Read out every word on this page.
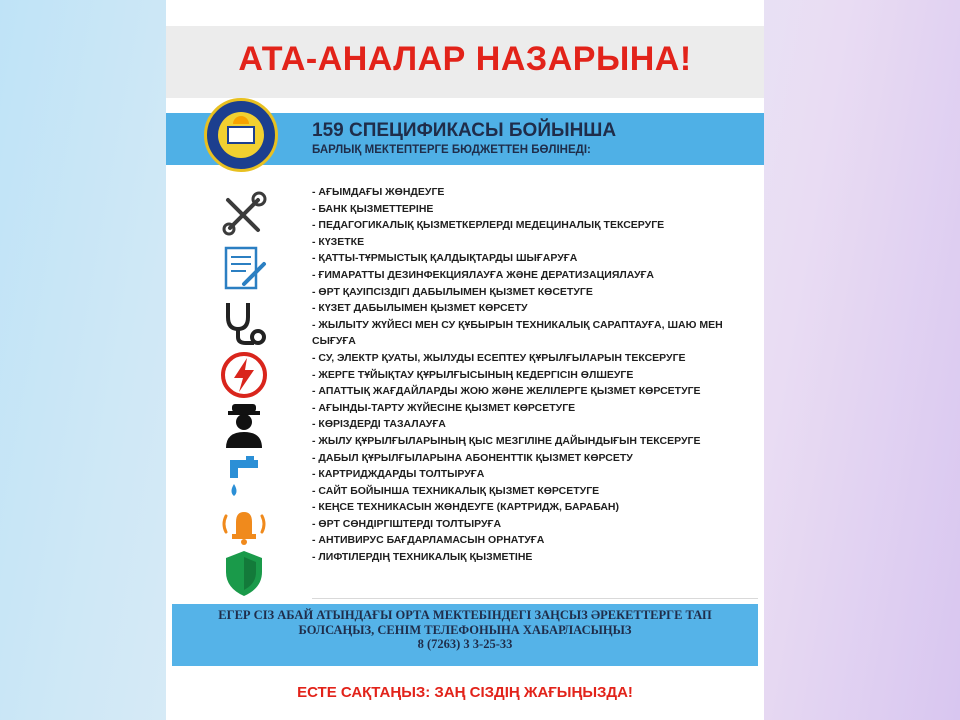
АТА-АНАЛАР НАЗАРЫНА!
159 СПЕЦИФИКАСЫ БОЙЫНША
БАРЛЫҚ МЕКТЕПТЕРГЕ БЮДЖЕТТЕН БӨЛІНЕДІ:
- АҒЫМДАҒЫ ЖӨНДЕУГЕ
- БАНК ҚЫЗМЕТТЕРІНЕ
- ПЕДАГОГИКАЛЫҚ ҚЫЗМЕТКЕРЛЕРДІ МЕДЕЦИНАЛЫҚ ТЕКСЕРУГЕ
- КҮЗЕТКЕ
- ҚАТТЫ-ТҰРМЫСТЫҚ ҚАЛДЫҚТАРДЫ ШЫҒАРУҒА
- ҒИМАРАТТЫ ДЕЗИНФЕКЦИЯЛАУҒА ЖӘНЕ ДЕРАТИЗАЦИЯЛАУҒА
- ӨРТ ҚАУІПСІЗДІГІ ДАБЫЛЫМЕН ҚЫЗМЕТ КӨСЕТУГЕ
- КҮЗЕТ ДАБЫЛЫМЕН ҚЫЗМЕТ КӨРСЕТУ
- ЖЫЛЫТУ ЖҮЙЕСІ МЕН СУ ҚҰБЫРЫН ТЕХНИКАЛЫҚ САРАПТАУҒА, ШАЮ МЕН СЫҒУҒА
- СУ, ЭЛЕКТР ҚУАТЫ, ЖЫЛУДЫ ЕСЕПТЕУ ҚҰРЫЛҒЫЛАРЫН ТЕКСЕРУГЕ
- ЖЕРГЕ ТҰЙЫҚТАУ ҚҰРЫЛҒЫСЫНЫҢ КЕДЕРГІСІН ӨЛШЕУГЕ
- АПАТТЫҚ ЖАҒДАЙЛАРДЫ ЖОЮ ЖӘНЕ ЖЕЛІЛЕРГЕ ҚЫЗМЕТ КӨРСЕТУГЕ
- АҒЫНДЫ-ТАРТУ ЖҮЙЕСІНЕ ҚЫЗМЕТ КӨРСЕТУГЕ
- КӨРІЗДЕРДІ ТАЗАЛАУҒА
- ЖЫЛУ ҚҰРЫЛҒЫЛАРЫНЫҢ ҚЫС МЕЗГІЛІНЕ ДАЙЫНДЫҒЫН ТЕКСЕРУГЕ
- ДАБЫЛ ҚҰРЫЛҒЫЛАРЫНА АБОНЕНТТІК ҚЫЗМЕТ КӨРСЕТУ
- КАРТРИДЖДАРДЫ ТОЛТЫРУҒА
- САЙТ БОЙЫНША ТЕХНИКАЛЫҚ ҚЫЗМЕТ КӨРСЕТУГЕ
- КЕҢСЕ ТЕХНИКАСЫН ЖӨНДЕУГЕ (КАРТРИДЖ, БАРАБАН)
- ӨРТ СӨНДІРГІШТЕРДІ ТОЛТЫРУҒА
- АНТИВИРУС БАҒДАРЛАМАСЫН ОРНАТУҒА
- ЛИФТІЛЕРДІҢ ТЕХНИКАЛЫҚ ҚЫЗМЕТІНЕ
ЕГЕР СІЗ АБАЙ АТЫНДАҒЫ ОРТА МЕКТЕБІНДЕГІ ЗАҢСЫЗ ӘРЕКЕТТЕРГЕ ТАП
БОЛСАҢЫЗ, СЕНІМ ТЕЛЕФОНЫНА ХАБАРЛАСЫҢЫЗ
8 (7263) 3 3-25-33
ЕСТЕ САҚТАҢЫЗ: ЗАҢ СІЗДІҢ ЖАҒЫҢЫЗДА!
